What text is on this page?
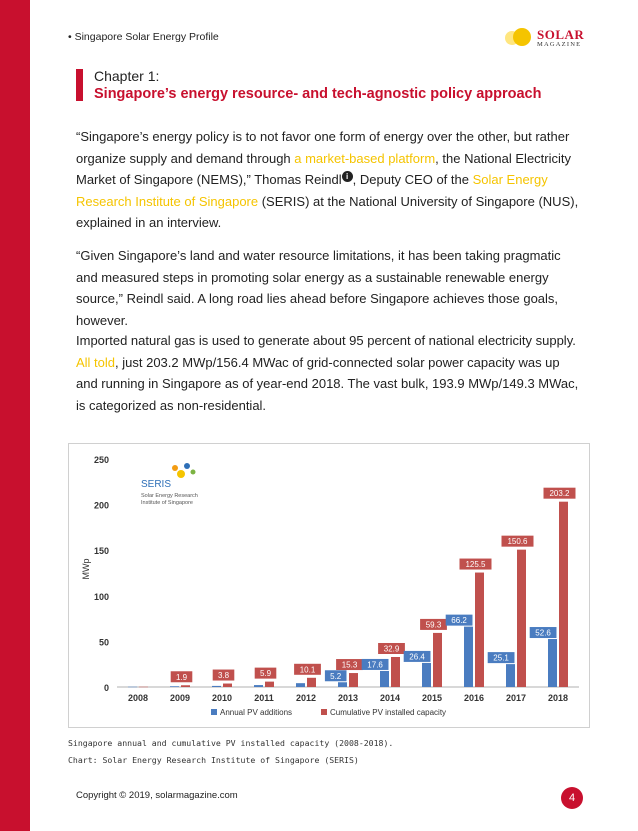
• Singapore Solar Energy Profile	SOLAR
MAGAZINE
Chapter 1:
Singapore’s energy resource- and tech-agnostic policy approach
“Singapore’s energy policy is to not favor one form of energy over the other, but rather organize supply and demand through a market-based platform, the National Electricity Market of Singapore (NEMS),” Thomas Reindl i , Deputy CEO of the Solar Energy Research Institute of Singapore (SERIS) at the National University of Singapore (NUS), explained in an interview.
“Given Singapore’s land and water resource limitations, it has been taking pragmatic and measured steps in promoting solar energy as a sustainable renewable energy source,” Reindl said. A long road lies ahead before Singapore achieves those goals, however.
Imported natural gas is used to generate about 95 percent of national electricity supply. All told, just 203.2 MWp/156.4 MWac of grid-connected solar power capacity was up and running in Singapore as of year-end 2018. The vast bulk, 193.9 MWp/149.3 MWac, is categorized as non-residential.
SERIS
Solar Energy Research
Institute of Singapore
0
50
100
150
200
250
MWp
2008 2009
1.9
2010
3.8
2011
5.9
2012
10.1
2013
5.2
15.3
2014
17.6
32.9
2015
26.4
59.3
2016
66.2
125.5
2017
25.1
150.6
2018
52.6
203.2
Annual PV additions	Cumulative PV installed capacity
Singapore annual and cumulative PV installed capacity (2008-2018).
Chart: Solar Energy Research Institute of Singapore (SERIS)
Copyright © 2019, solarmagazine.com	4
